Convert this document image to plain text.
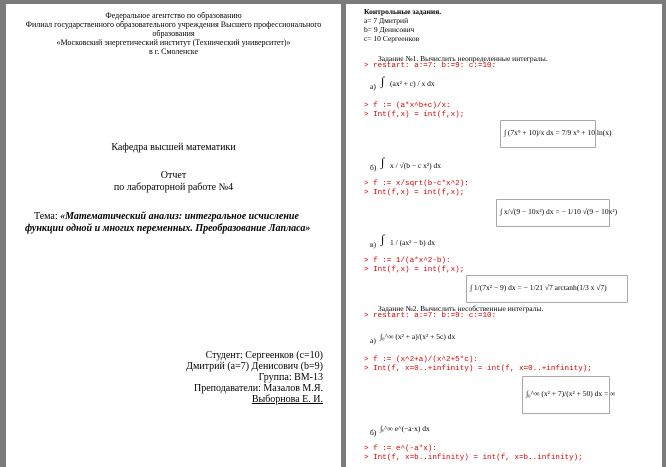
Федеральное агентство по образованию
Филиал государственного образовательного учреждения Высшего профессионального
образования
«Московский энергетический институт (Технический университет)»
в г. Смоленске
Кафедра высшей математики
Отчет
по лабораторной работе №4
Тема: «Математический анализ: интегральное исчисление
функции одной и многих переменных. Преобразование Лапласа»
Студент: Сергеенков (с=10)
Дмитрий (а=7) Денисович (b=9)
Группа: ВМ-13
Преподаватели: Мазалов М.Я.
Выборнова Е. И.
Контрольные задания.
а= 7 Дмитрий
b= 9 Денисович
с= 10 Сергеенков
Задание №1. Вычислить неопределенные интегралы.
> restart: a:=7: b:=9: c:=10:
а) ∫ (ax² + c) / x dx
> f := (a*x^b+c)/x:
> Int(f,x) = int(f,x);
∫ (7x⁹ + 10)/x dx = 7/9 x⁹ + 10 ln(x)
б) ∫ x / √(b − c x²) dx
> f := x/sqrt(b-c*x^2):
> Int(f,x) = int(f,x);
∫ x/√(9 − 10x²) dx = − 1/10 √(9 − 10x²)
в) ∫ 1 / (ax² − b) dx
> f := 1/(a*x^2-b):
> Int(f,x) = int(f,x);
∫ 1/(7x² − 9) dx = − 1/21 √7 arctanh(1/3 x √7)
Задание №2. Вычислить несобственные интегралы.
> restart: a:=7: b:=9: c:=10:
а) ∫₀^∞ (x² + a)/(x² + 5c) dx
> f := (x^2+a)/(x^2+5*c):
> Int(f, x=0..+infinity) = int(f, x=0..+infinity);
∫₀^∞ (x² + 7)/(x² + 50) dx = ∞
б) ∫ₑ^∞ e^(−a·x) dx
> f := e^(-a*x):
> Int(f, x=b..infinity) = int(f, x=b..infinity);
